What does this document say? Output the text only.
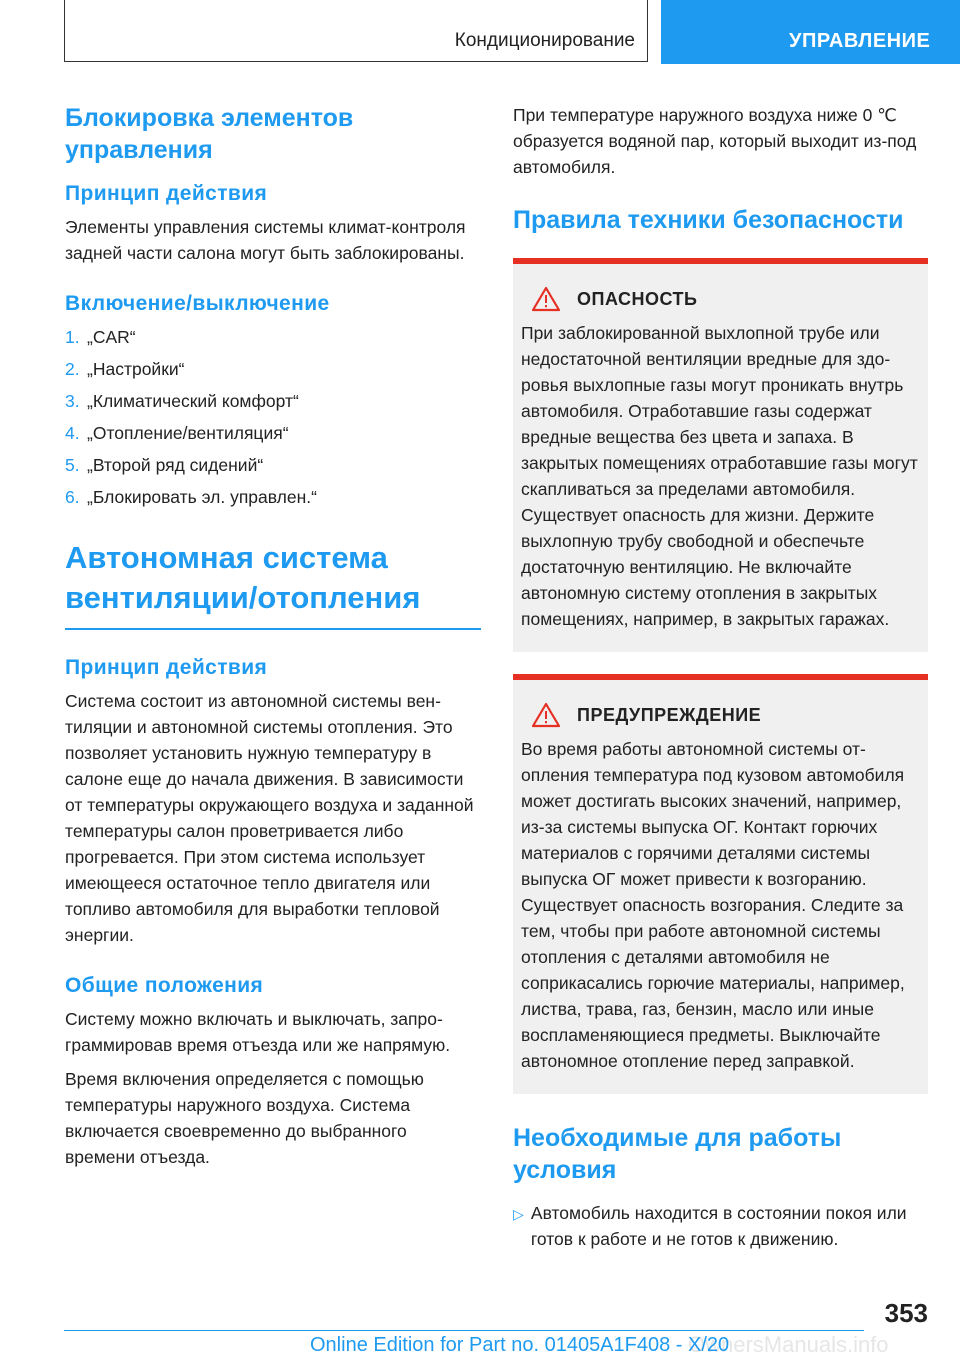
Кондиционирование	УПРАВЛЕНИЕ
Блокировка элементов управления
Принцип действия

Элементы управления системы климат-контроля задней части салона могут быть заблокированы.

Включение/выключение
1. „CAR“
2. „Настройки“
3. „Климатический комфорт“
4. „Отопление/вентиляция“
5. „Второй ряд сидений“
6. „Блокировать эл. управлен.“
Автономная система вентиляции/отопления
Принцип действия

Система состоит из автономной системы вентиляции и автономной системы отопления. Это позволяет установить нужную температуру в салоне еще до начала движения. В зависимости от температуры окружающего воздуха и заданной температуры салон проветривается либо прогревается. При этом система использует имеющееся остаточное тепло двигателя или топливо автомобиля для выработки тепловой энергии.

Общие положения

Систему можно включать и выключать, запрограммировав время отъезда или же напрямую.

Время включения определяется с помощью температуры наружного воздуха. Система включается своевременно до выбранного времени отъезда.

При температуре наружного воздуха ниже 0 ℃ образуется водяной пар, который выходит из-под автомобиля.

Правила техники безопасности
ОПАСНОСТЬ

При заблокированной выхлопной трубе или недостаточной вентиляции вредные для здоровья выхлопные газы могут проникать внутрь автомобиля. Отработавшие газы содержат вредные вещества без цвета и запаха. В закрытых помещениях отработавшие газы могут скапливаться за пределами автомобиля. Существует опасность для жизни. Держите выхлопную трубу свободной и обеспечьте достаточную вентиляцию. Не включайте автономную систему отопления в закрытых помещениях, например, в закрытых гаражах.

ПРЕДУПРЕЖДЕНИЕ

Во время работы автономной системы отопления температура под кузовом автомобиля может достигать высоких значений, например, из-за системы выпуска ОГ. Контакт горючих материалов с горячими деталями системы выпуска ОГ может привести к возгоранию. Существует опасность возгорания. Следите за тем, чтобы при работе автономной системы отопления с деталями автомобиля не соприкасались горючие материалы, например, листва, трава, газ, бензин, масло или иные воспламеняющиеся предметы. Выключайте автономное отопление перед заправкой.

Необходимые для работы условия
▷ Автомобиль находится в состоянии покоя или готов к работе и не готов к движению.
353
OwnersManuals.info
Online Edition for Part no. 01405A1F408 - X/20
